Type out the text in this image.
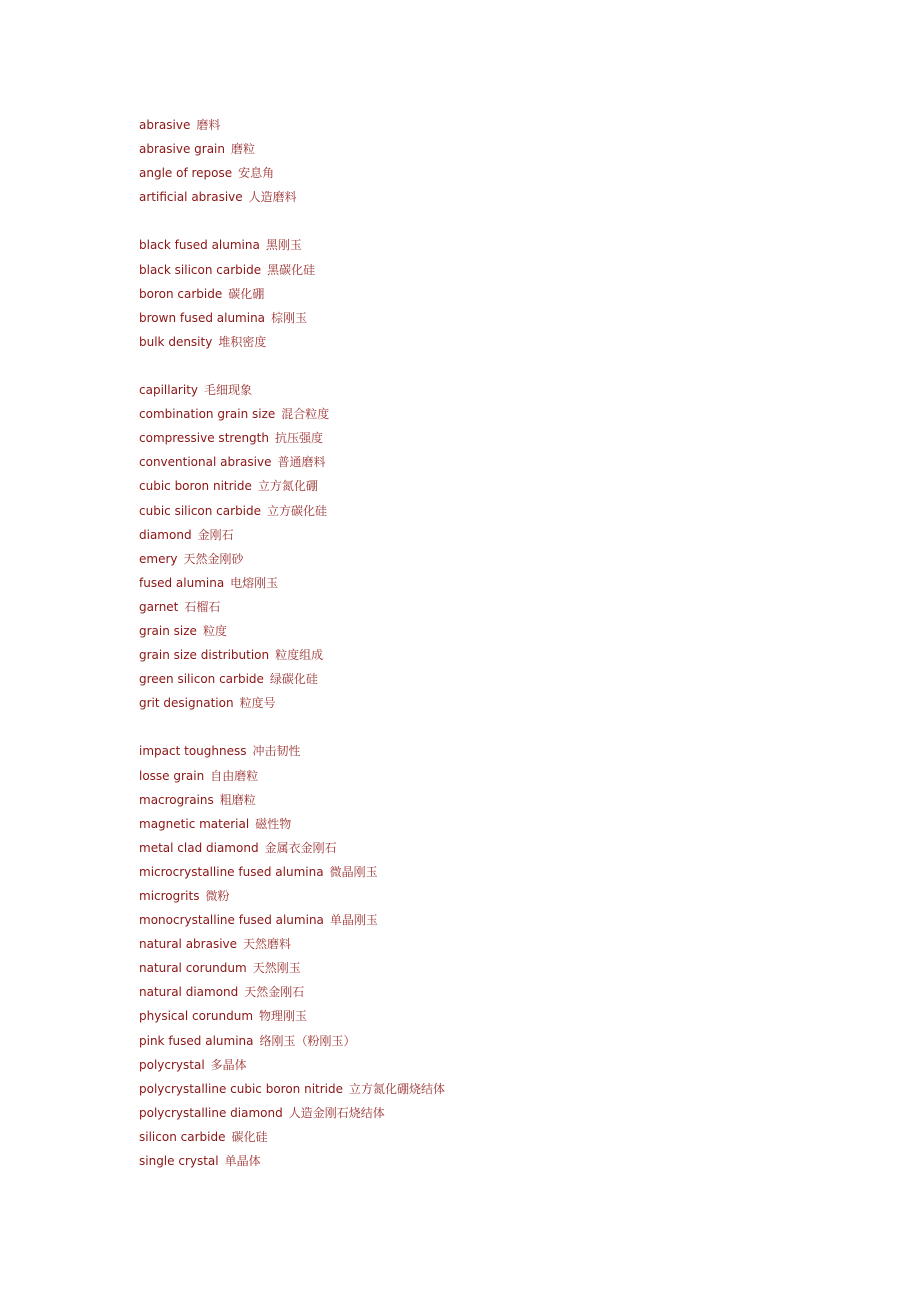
abrasive 磨料
abrasive grain 磨粒
angle of repose 安息角
artificial abrasive 人造磨料
black fused alumina 黑刚玉
black silicon carbide 黑碳化硅
boron carbide 碳化硼
brown fused alumina 棕刚玉
bulk density 堆积密度
capillarity 毛细现象
combination grain size 混合粒度
compressive strength 抗压强度
conventional abrasive 普通磨料
cubic boron nitride 立方氮化硼
cubic silicon carbide 立方碳化硅
diamond 金刚石
emery 天然金刚砂
fused alumina 电熔刚玉
garnet 石榴石
grain size 粒度
grain size distribution 粒度组成
green silicon carbide 绿碳化硅
grit designation 粒度号
impact toughness 冲击韧性
losse grain 自由磨粒
macrograins 粗磨粒
magnetic material 磁性物
metal clad diamond 金属衣金刚石
microcrystalline fused alumina 微晶刚玉
microgrits 微粉
monocrystalline fused alumina 单晶刚玉
natural abrasive 天然磨料
natural corundum 天然刚玉
natural diamond 天然金刚石
physical corundum 物理刚玉
pink fused alumina 络刚玉（粉刚玉）
polycrystal 多晶体
polycrystalline cubic boron nitride 立方氮化硼烧结体
polycrystalline diamond 人造金刚石烧结体
silicon carbide 碳化硅
single crystal 单晶体
